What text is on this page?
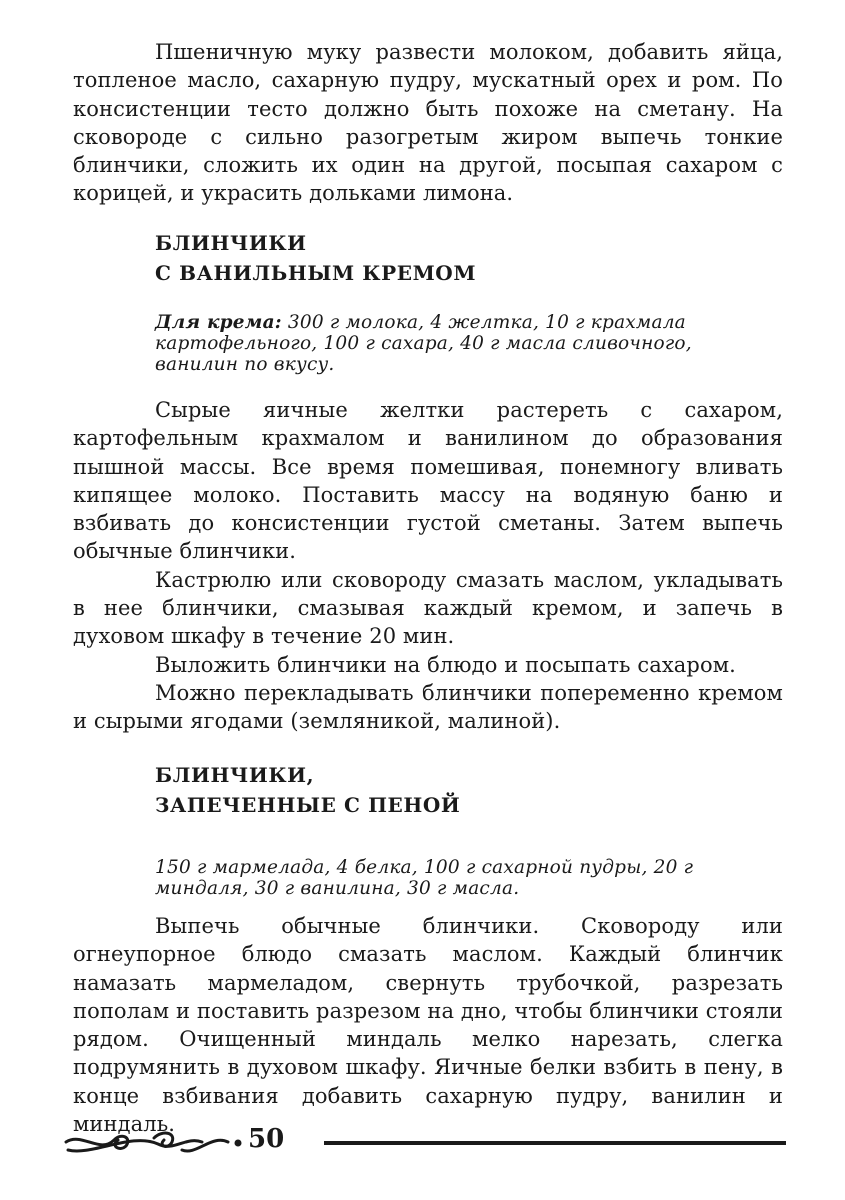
Пшеничную муку развести молоком, добавить яйца, топленое масло, сахарную пудру, мускатный орех и ром. По консистенции тесто должно быть похоже на сметану. На сковороде с сильно разогретым жиром выпечь тонкие блинчики, сложить их один на другой, посыпая сахаром с корицей, и украсить дольками лимона.

БЛИНЧИКИ
С ВАНИЛЬНЫМ КРЕМОМ

Для крема: 300 г молока, 4 желтка, 10 г крахмала картофельного, 100 г сахара, 40 г масла сливочного, ванилин по вкусу.

Сырые яичные желтки растереть с сахаром, картофельным крахмалом и ванилином до образования пышной массы. Все время помешивая, понемногу вливать кипящее молоко. Поставить массу на водяную баню и взбивать до консистенции густой сметаны. Затем выпечь обычные блинчики.

Кастрюлю или сковороду смазать маслом, укладывать в нее блинчики, смазывая каждый кремом, и запечь в духовом шкафу в течение 20 мин.

Выложить блинчики на блюдо и посыпать сахаром.

Можно перекладывать блинчики попеременно кремом и сырыми ягодами (земляникой, малиной).

БЛИНЧИКИ,
ЗАПЕЧЕННЫЕ С ПЕНОЙ

150 г мармелада, 4 белка, 100 г сахарной пудры, 20 г миндаля, 30 г ванилина, 30 г масла.

Выпечь обычные блинчики. Сковороду или огнеупорное блюдо смазать маслом. Каждый блинчик намазать мармеладом, свернуть трубочкой, разрезать пополам и поставить разрезом на дно, чтобы блинчики стояли рядом. Очищенный миндаль мелко нарезать, слегка подрумянить в духовом шкафу. Яичные белки взбить в пену, в конце взбивания добавить сахарную пудру, ванилин и миндаль.	50
